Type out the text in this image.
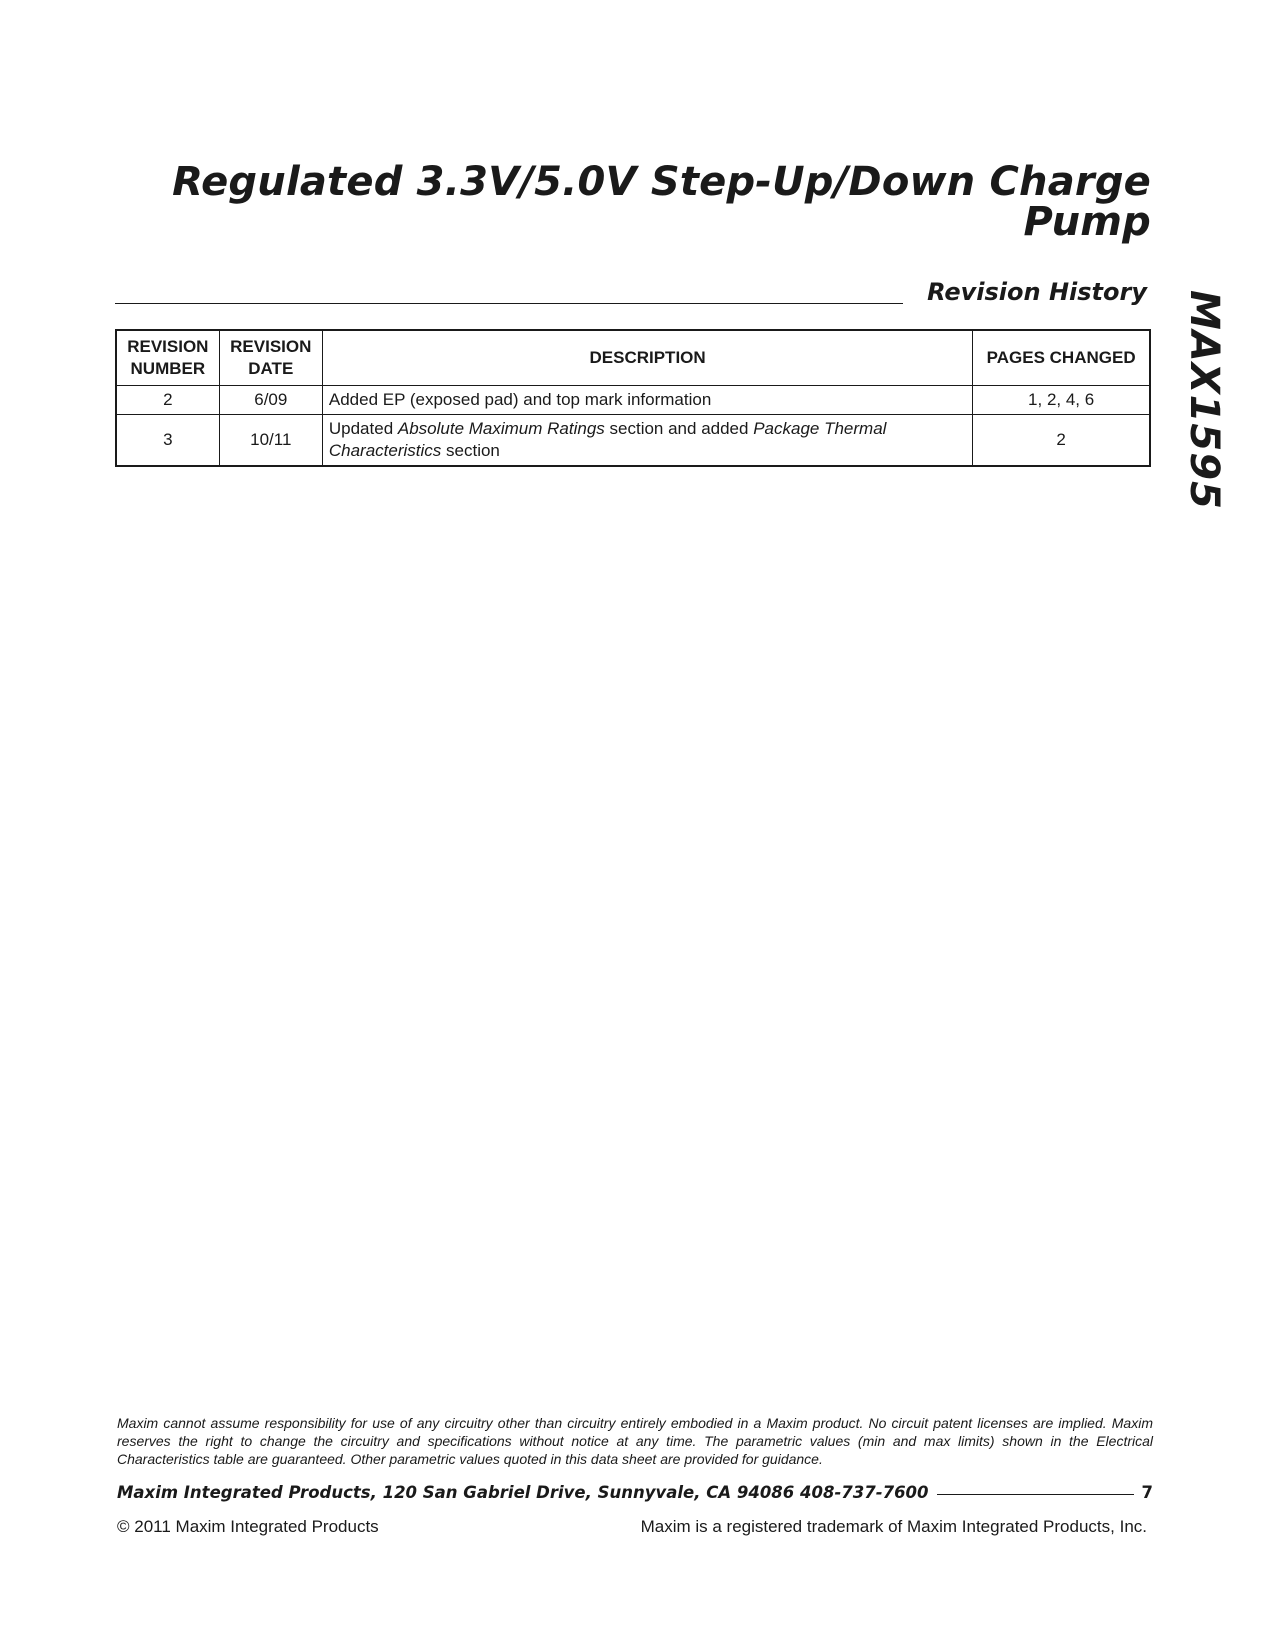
Regulated 3.3V/5.0V Step-Up/Down Charge Pump
MAX1595
Revision History
REVISION NUMBER	REVISION DATE	DESCRIPTION	PAGES CHANGED
2	6/09	Added EP (exposed pad) and top mark information	1, 2, 4, 6
3	10/11	Updated Absolute Maximum Ratings section and added Package Thermal Characteristics section	2

Maxim cannot assume responsibility for use of any circuitry other than circuitry entirely embodied in a Maxim product. No circuit patent licenses are implied. Maxim reserves the right to change the circuitry and specifications without notice at any time. The parametric values (min and max limits) shown in the Electrical Characteristics table are guaranteed. Other parametric values quoted in this data sheet are provided for guidance.

Maxim Integrated Products, 120 San Gabriel Drive, Sunnyvale, CA 94086 408-737-7600	7
© 2011 Maxim Integrated Products	Maxim is a registered trademark of Maxim Integrated Products, Inc.
